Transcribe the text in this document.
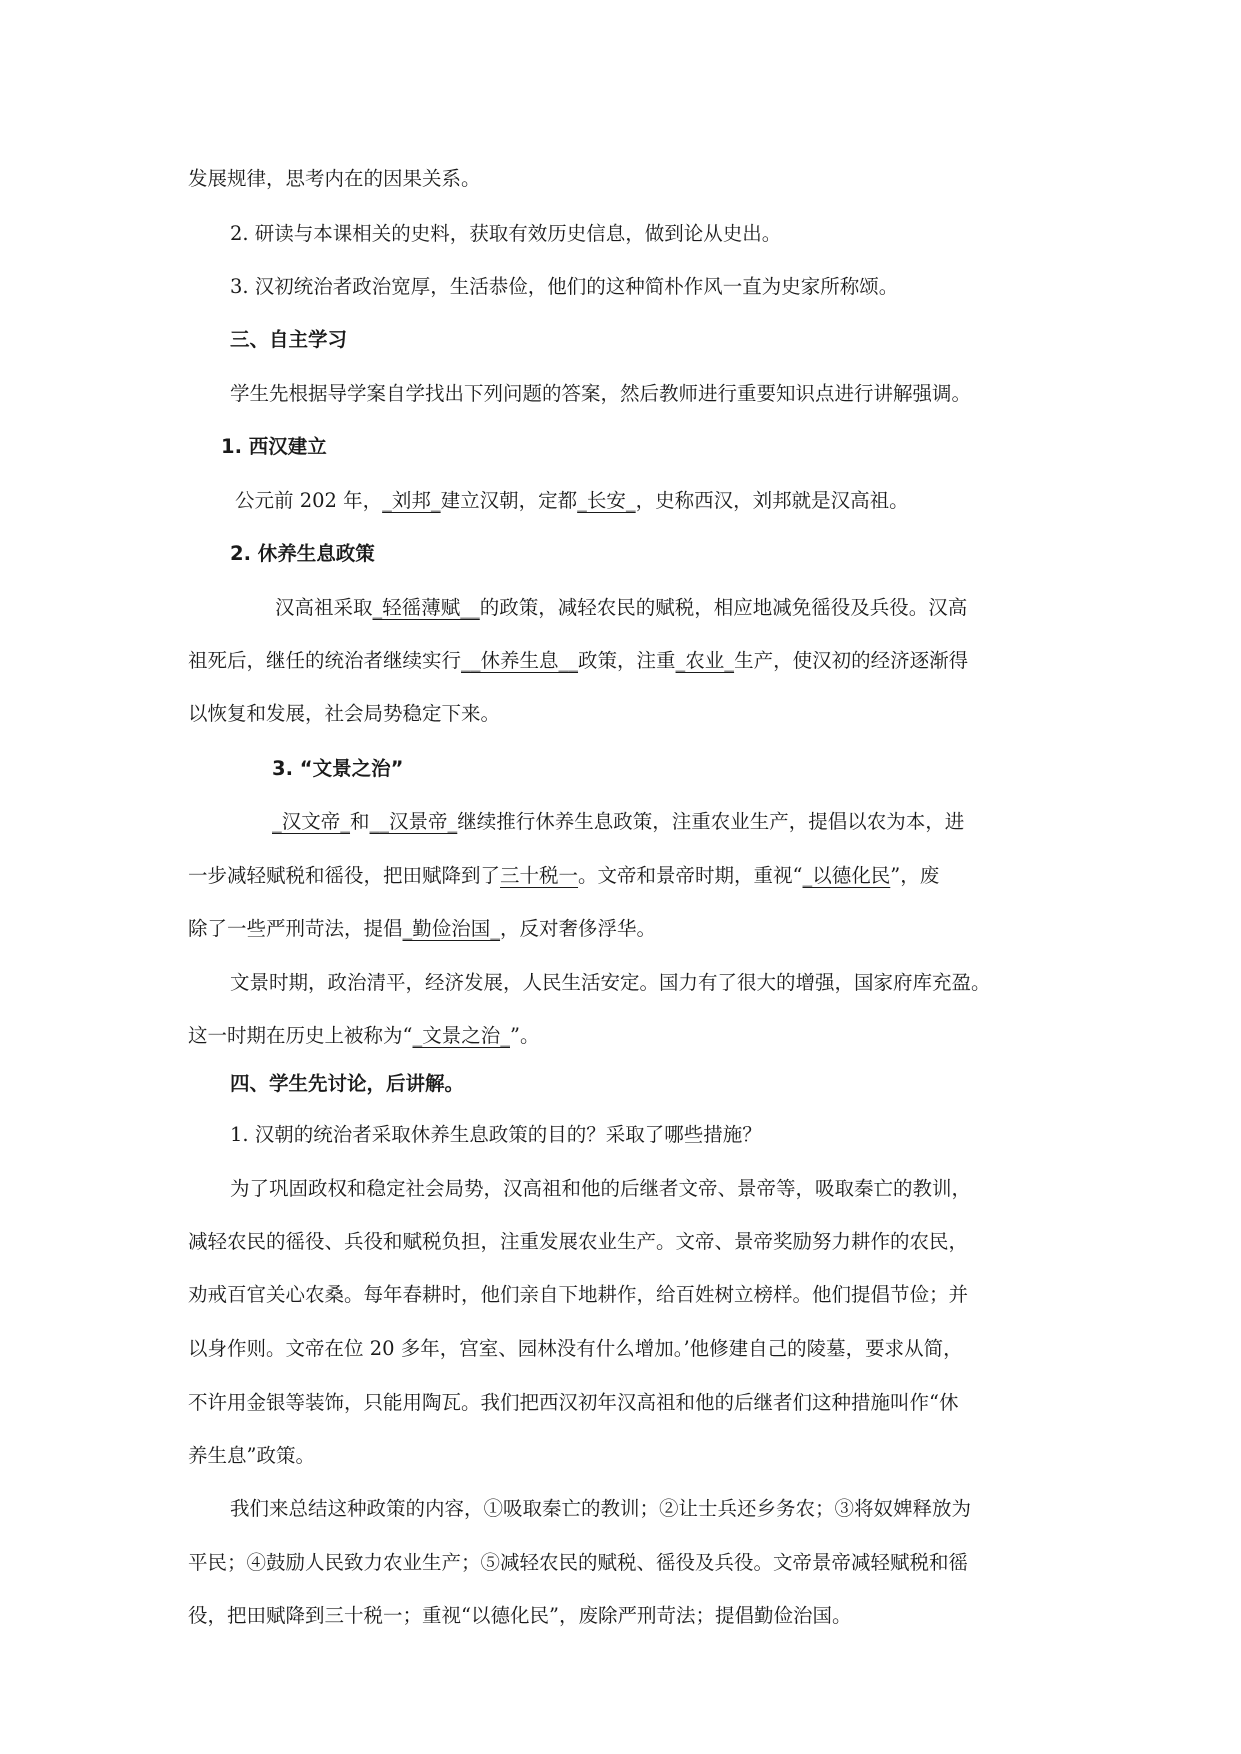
发展规律，思考内在的因果关系。

2. 研读与本课相关的史料，获取有效历史信息，做到论从史出。

3. 汉初统治者政治宽厚，生活恭俭，他们的这种简朴作风一直为史家所称颂。

三、自主学习

学生先根据导学案自学找出下列问题的答案，然后教师进行重要知识点进行讲解强调。

1. 西汉建立

公元前 202 年，_刘邦_建立汉朝，定都_长安_，史称西汉，刘邦就是汉高祖。

2. 休养生息政策

汉高祖采取_轻徭薄赋__的政策，减轻农民的赋税，相应地减免徭役及兵役。汉高

祖死后，继任的统治者继续实行__休养生息__政策，注重_农业_生产，使汉初的经济逐渐得

以恢复和发展，社会局势稳定下来。

3. “文景之治”

_汉文帝_和__汉景帝_继续推行休养生息政策，注重农业生产，提倡以农为本，进

一步减轻赋税和徭役，把田赋降到了三十税一。文帝和景帝时期，重视“_以德化民”，废

除了一些严刑苛法，提倡_勤俭治国_，反对奢侈浮华。

文景时期，政治清平，经济发展，人民生活安定。国力有了很大的增强，国家府库充盈。

这一时期在历史上被称为“_文景之治_”。

四、学生先讨论，后讲解。

1. 汉朝的统治者采取休养生息政策的目的？采取了哪些措施？

为了巩固政权和稳定社会局势，汉高祖和他的后继者文帝、景帝等，吸取秦亡的教训，

减轻农民的徭役、兵役和赋税负担，注重发展农业生产。文帝、景帝奖励努力耕作的农民，

劝戒百官关心农桑。每年春耕时，他们亲自下地耕作，给百姓树立榜样。他们提倡节俭；并

以身作则。文帝在位 20 多年，宫室、园林没有什么增加。’他修建自己的陵墓，要求从简，

不许用金银等装饰，只能用陶瓦。我们把西汉初年汉高祖和他的后继者们这种措施叫作“休

养生息”政策。

我们来总结这种政策的内容，①吸取秦亡的教训；②让士兵还乡务农；③将奴婢释放为

平民；④鼓励人民致力农业生产；⑤减轻农民的赋税、徭役及兵役。文帝景帝减轻赋税和徭

役，把田赋降到三十税一；重视“以德化民”，废除严刑苛法；提倡勤俭治国。
